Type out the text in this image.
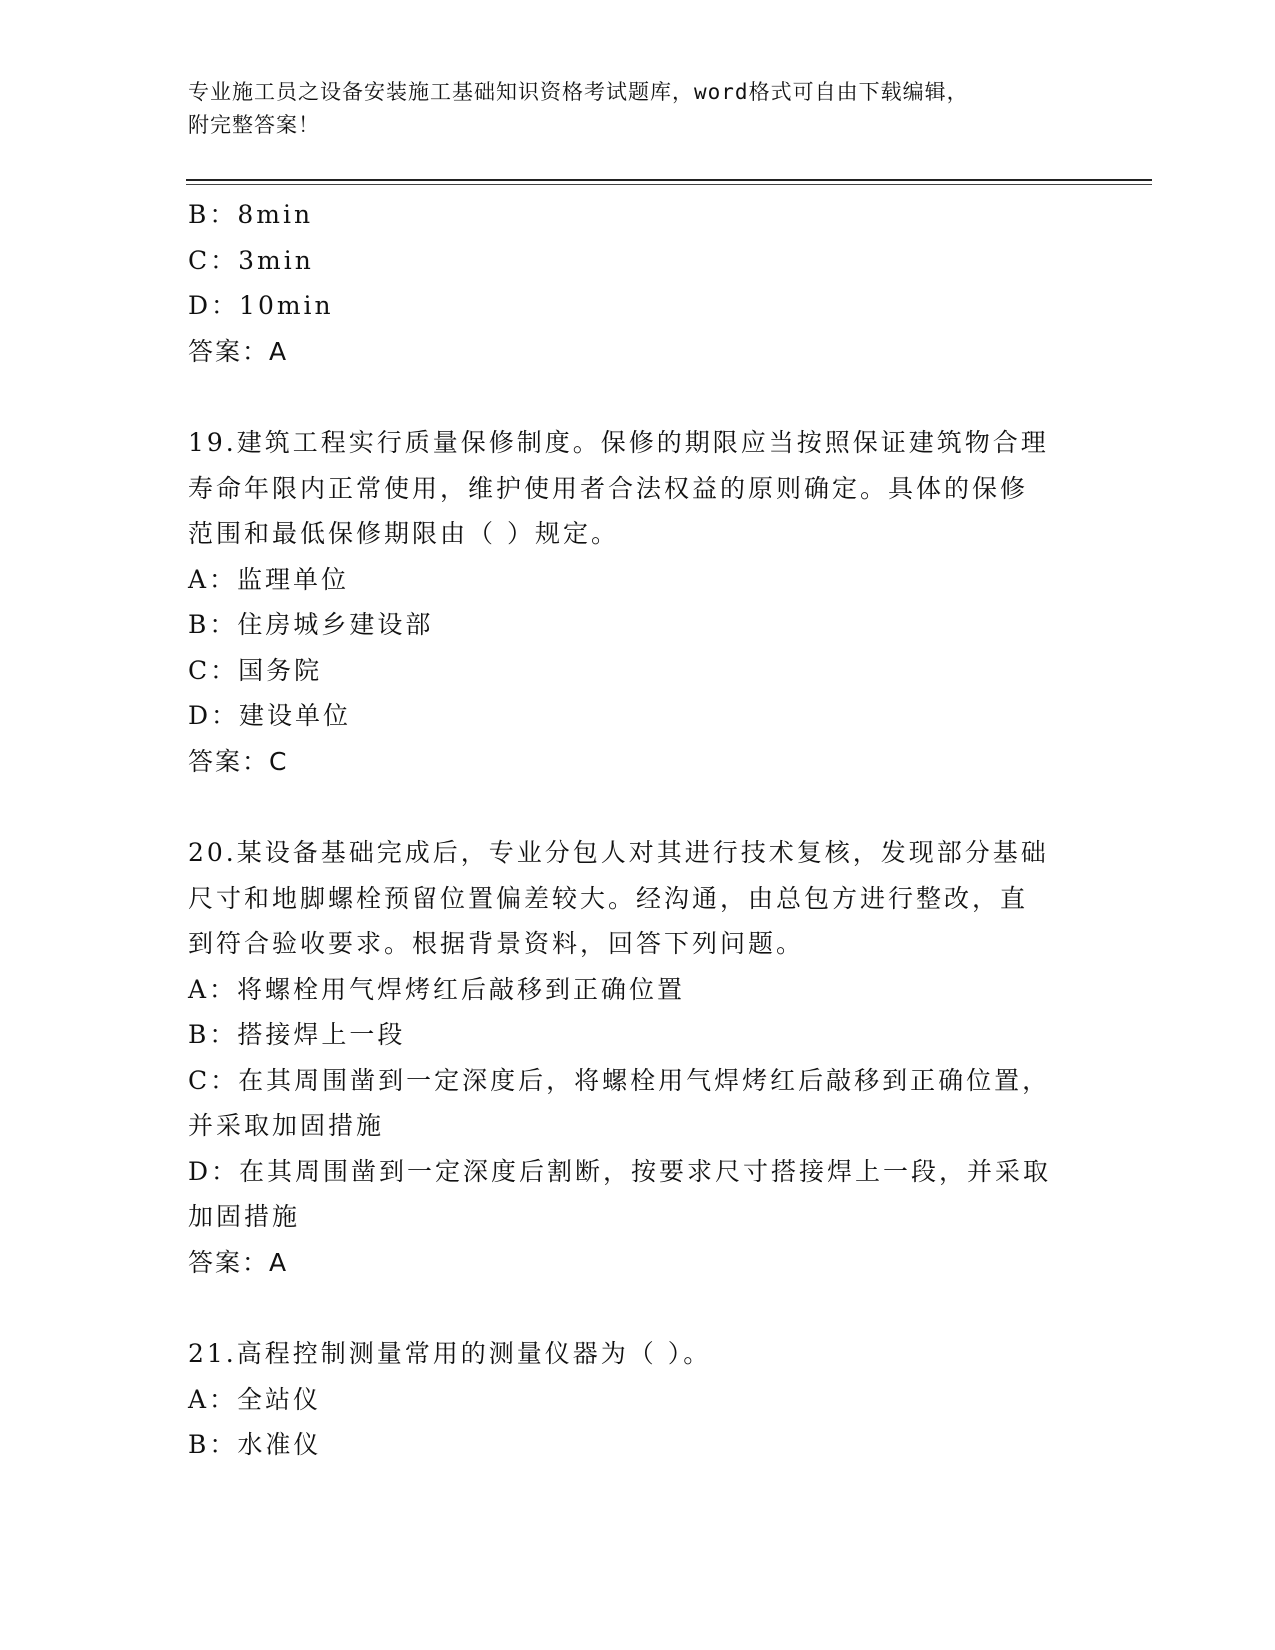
专业施工员之设备安装施工基础知识资格考试题库，word格式可自由下载编辑，
附完整答案！
B：8min
C：3min
D：10min
答案：A
19.建筑工程实行质量保修制度。保修的期限应当按照保证建筑物合理
寿命年限内正常使用，维护使用者合法权益的原则确定。具体的保修
范围和最低保修期限由（ ）规定。
A：监理单位
B：住房城乡建设部
C：国务院
D：建设单位
答案：C
20.某设备基础完成后，专业分包人对其进行技术复核，发现部分基础
尺寸和地脚螺栓预留位置偏差较大。经沟通，由总包方进行整改，直
到符合验收要求。根据背景资料，回答下列问题。
A：将螺栓用气焊烤红后敲移到正确位置
B：搭接焊上一段
C：在其周围凿到一定深度后，将螺栓用气焊烤红后敲移到正确位置，
并采取加固措施
D：在其周围凿到一定深度后割断，按要求尺寸搭接焊上一段，并采取
加固措施
答案：A
21.高程控制测量常用的测量仪器为（ ）。
A：全站仪
B：水准仪
